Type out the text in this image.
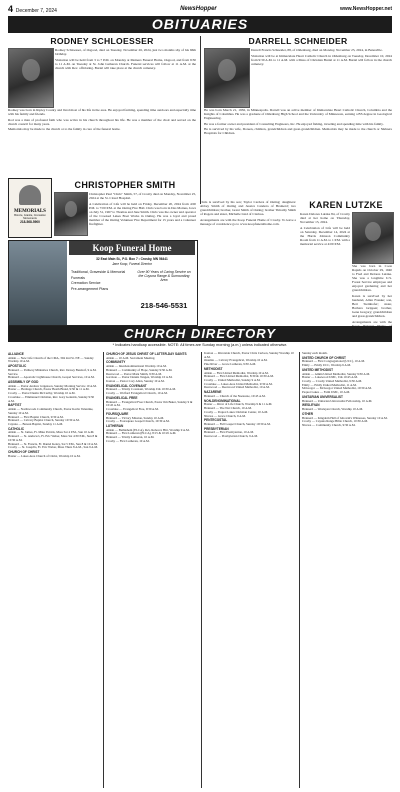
4 December 7, 2024	NewsHopper	www.NewsHopper.net
OBITUARIES
RODNEY SCHLOESSER

Rodney Schloesser, of Osgood, died on Tuesday, November 26, 2024, just two months shy of his 66th birthday.

Visitation will be held from 3 to 7 P.M. on Monday at Meiners Funeral Home, Osgood, and from 9:30 to 11 A.M. on Tuesday at St. John Lutheran Church. Funeral services will follow at 11 A.M. at the church with Rev. officiating. Burial will take place at the church cemetery.

Rodney was born in Ripley County and lived most of his life in the area. He enjoyed farming, spending time outdoors and especially time with his family and friends.

Rod was a man of profound faith who was active in his church throughout his life. He was a member of the choir and served on the church council for many years.

Memorials may be made to the church or to the family in care of the funeral home.

DARRELL SCHNEIDER

Darrell Francis Schneider, 88, of Oldenburg, died on Monday, November 25, 2024, in Batesville.

Visitation will be at Immaculate Heart Catholic Church in Oldenburg on Tuesday, December 10, 2024 from 9:30 A.M. to 11 A.M. with a Mass of Christian Burial at 11 A.M. Burial will follow in the church cemetery.

He was born March 21, 1936, in Minneapolis. Darrell was an active member of Immaculate Heart Catholic Church, Columbia and the Knights of Columbus. He was a graduate of Oldenburg High School and the University of Minnesota, earning a BS degree in Geological Engineering.

He was a former owner and president of Consulting Engineers, Inc. He enjoyed fishing, traveling and spending time with his family.

He is survived by his wife, Doreen, children, grandchildren and great-grandchildren. Memorials may be made to the church or Shriners Hospitals for Children.

MEMORIALS
Bronze, Granite, Cremation Monuments
218-568-5900
CHRISTOPHER SMITH

Christopher Paul "Chris" Smith, 57, of Crosby died on Monday, November 25, 2024 at the St. Cloud Hospital.

A Celebration of Life will be held on Friday, December 20, 2024 from 4:00 P.M. to 7:00 P.M. at the Outing Fire Hall. Chris was born in Des Moines, Iowa on July 31, 1967 to Thomas and Jane Smith. Chris was the owner and operator of the Crooked Lakes Boat Works in Outing. He was a loyal and proud member of the Outing Volunteer Fire Department for 15 years and a volunteer firefighter.

Chris is survived by his son; Taylor Cardera of Outing; daughters: Abbey Smith of Outing and Jessica Candera of Brainerd; two grandchildren; brother, Grant Smith of Outing; brother Timothy Smith of Rogers and sister, Michelle Lind of Clarissa.

Arrangements are with the Koop Funeral Home of Crosby. To leave a message of condolence go to www.koopfuneralhome.com.

Koop Funeral Home
32 East Main St., P.O. Box 7 • Crosby, MN 56441
Jane Koop, Funeral Director
Traditional, Graveside & Memorial Funerals
Cremation Service
Pre-arrangement Plans
Over 90 Years of Caring Service on the Cuyuna Range & Surrounding Area
218-546-5531
KAREN LUTZKE

Karen Delores Lutzke 84, of Crosby died at her home on Thursday, November 15, 2024.

A Celebration of Life will be held on Saturday, December 14, 2024 at the Harris Johnson Community Room from 11 A.M. to 1 P.M. with a memorial service at 4:00 P.M.

She was born in Coon Rapids on October 29, 1940 to Fred and Delores Lutzke. She was a longtime U.S. Forest Service employee and enjoyed gardening and her grandchildren.

Karen is survived by her husband, Allan Fauske; son, Bert Steinhofer; sister, Barbara Grippen; brother, Gene Gregory; grandchildren and great-grandchildren.

Arrangements are with the

CHURCH DIRECTORY
* Indicates handicap accessible. NOTE: All times are Sunday morning (a.m.) unless indicated otherwise.
ALLIANCE
Aitkin — New Life Church of the CMA, 304 2nd St. NE — Sunday Worship 10 A.M.
APOSTOLIC
Brainerd — Pathway Ministries Church, Rev. Dewey Bendorf, 9 A.M. Service.
Brainerd — Apostolic Lighthouse Church, Gospel Services, 10 A.M.
ASSEMBLY OF GOD
Aitkin — Pastor Andrew Jergenson, Sunday Morning Service 10 A.M.
Baxter — Heritage Church, Pastor Heath Bland, 9:30 & 11 A.M.
Crosby — Pastor Dustin McCarthy, Worship 10 A.M.
Crosslake — Emmanuel Christian, Rev. Gary Gennick, Sunday 9:30 A.M.
BAPTIST
Aitkin — Northwoods Community Church, Pastor Kevin Valentine, Sunday 10 A.M.
Brainerd — First Baptist Church, 9:30 A.M.
Brainerd — Calvary Baptist Church, Sunday 10:30 A.M.
Cuyuna — Berean Baptist, Sunday 11 A.M.
CATHOLIC
Aitkin — St. James, Fr. Mike Patrick, Mass Sat 4 P.M., Sun 10 A.M.
Brainerd — St. Andrew's, Fr. Eric Weber, Mass Sat 4:30 P.M., Sun 8 & 10:30 A.M.
Brainerd — St. Francis, Fr. Daniel Kensy, Sat 5 P.M., Sun 8 & 10 A.M.
Crosby — St. Joseph's, Fr. Eric Weber, Mass Thurs 8 A.M., Sun 9 A.M.
CHURCH OF CHRIST
Baxter — Lakes Area Church of Christ, Worship 10 A.M.
CHURCH OF JESUS CHRIST OF LATTER-DAY SAINTS
Aitkin — 10 A.M. Sacrament Meeting.
COMMUNITY
Aitkin — Interdenominational Worship 10 A.M.
Brainerd — Community of Hope, Sunday 9:30 A.M.
Deerwood — Pastor Mark Smith, 9:30 A.M.
Garrison — Pastor Dennis Tangen, Worship 10 A.M.
Ironton — Pastor Cory Allen, Sunday 10 A.M.
EVANGELICAL COVENANT
Brainerd — Trinity Covenant, Worship 9 & 10:30 A.M.
Crosby — Wolford Evangelical Church, 10 A.M.
EVANGELICAL FREE
Brainerd — Evangelical Free Church, Pastor Jim Baker, Sunday 9 & 10:45 A.M.
Crosslake — Evangelical Free, 9:30 A.M.
FOURSQUARE
Brainerd — Victory Mission, Sunday 10 A.M.
Crosby — Foursquare Gospel Church, 10:30 A.M.
LUTHERAN
Aitkin — Bethlehem (ELCA), Rev. Rebecca Hirt, Worship 9 A.M.
Brainerd — First Lutheran (ELCA), 8:15 & 10:45 A.M.
Brainerd — Trinity Lutheran, 10 A.M.
Crosby — First Lutheran, 10 A.M.
Ironton — Riverside Church, Pastor Chris Carlson, Sunday Worship 10 A.M.
Onamia — Calvary Evangelical, Worship 10 A.M.
Pine River — Grace Lutheran, 9:30 A.M.
METHODIST
Aitkin — First United Methodist, Worship 10 A.M.
Brainerd — First United Methodist, 8:30 & 10:30 A.M.
Crosby — United Methodist, Sunday 9 A.M.
Crosslake — Lakes Area United Methodist, 9:30 A.M.
Deerwood — Deerwood United Methodist, 10 A.M.
NAZARENE
Brainerd — Church of the Nazarene, 10:45 A.M.
NON-DENOMINATIONAL
Baxter — River of Life Church, Worship 9 & 11 A.M.
Brainerd — The Net Church, 10 A.M.
Crosby — Pequot Lakes Christian Center, 10 A.M.
Nisswa — Grace Church, 9 A.M.
PENTECOSTAL
Brainerd — Full Gospel Church, Sunday 10:30 A.M.
PRESBYTERIAN
Brainerd — First Presbyterian, 10 A.M.
Deerwood — Presbyterian Church, 9 A.M.
Sunday each month.
UNITED CHURCH OF CHRIST
Brainerd — First Congregational (UCC), 10 A.M.
Emily — Emily UCC, Worship 9 A.M.
UNITED METHODIST
Aitkin — Aitkin United Methodist, Sunday 9:30 A.M.
Baxter — Lakewood UMC, 9 & 10:45 A.M.
Crosby — Crosby United Methodist, 9:30 A.M.
Emily — Emily United Methodist, 11 A.M.
McGregor — McGregor United Methodist, 10:30 A.M.
Pequot Lakes — Faith UMC, 10 A.M.
UNITARIAN UNIVERSALIST
Brainerd — Unitarian Universalist Fellowship, 10 A.M.
WESLEYAN
Brainerd — Wesleyan Church, Worship 10 A.M.
OTHER
Brainerd — Kingdom Hall of Jehovah's Witnesses, Sunday 10 A.M.
Crosby — Cuyuna Range Bible Church, 10:30 A.M.
Nisswa — Community Church, 9:30 A.M.
